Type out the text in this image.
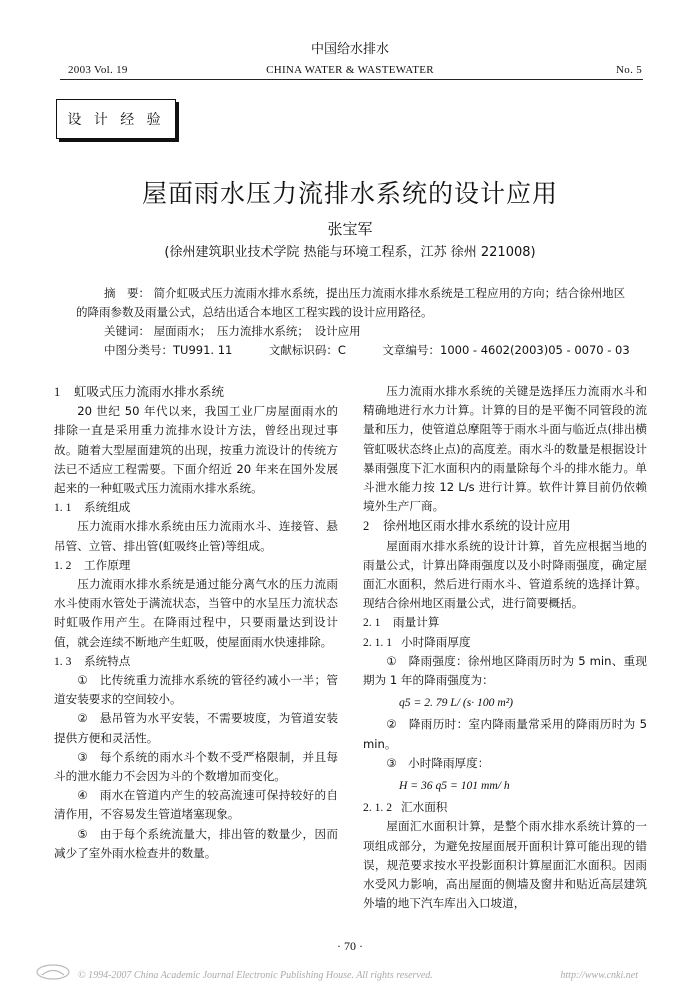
中国给水排水
2003 Vol. 19	CHINA WATER & WASTEWATER	No. 5
设 计 经 验
屋面雨水压力流排水系统的设计应用
张宝军
(徐州建筑职业技术学院 热能与环境工程系，江苏 徐州 221008)
摘　要： 简介虹吸式压力流雨水排水系统，提出压力流雨水排水系统是工程应用的方向；结合徐州地区的降雨参数及雨量公式，总结出适合本地区工程实践的设计应用路径。
关键词： 屋面雨水；　压力流排水系统；　设计应用
中图分类号：TU991. 11	文献标识码：C	文章编号：1000 - 4602(2003)05 - 0070 - 03

1 虹吸式压力流雨水排水系统

20 世纪 50 年代以来，我国工业厂房屋面雨水的排除一直是采用重力流排水设计方法，曾经出现过事故。随着大型屋面建筑的出现，按重力流设计的传统方法已不适应工程需要。下面介绍近 20 年来在国外发展起来的一种虹吸式压力流雨水排水系统。

1. 1 系统组成

压力流雨水排水系统由压力流雨水斗、连接管、悬吊管、立管、排出管(虹吸终止管)等组成。

1. 2 工作原理

压力流雨水排水系统是通过能分离气水的压力流雨水斗使雨水管处于满流状态，当管中的水呈压力流状态时虹吸作用产生。在降雨过程中，只要雨量达到设计值，就会连续不断地产生虹吸，使屋面雨水快速排除。

1. 3 系统特点

①　比传统重力流排水系统的管径约减小一半；管道安装要求的空间较小。

②　悬吊管为水平安装，不需要坡度，为管道安装提供方便和灵活性。

③　每个系统的雨水斗个数不受严格限制，并且每斗的泄水能力不会因为斗的个数增加而变化。

④　雨水在管道内产生的较高流速可保持较好的自清作用，不容易发生管道堵塞现象。

⑤　由于每个系统流量大，排出管的数量少，因而减少了室外雨水检查井的数量。

压力流雨水排水系统的关键是选择压力流雨水斗和精确地进行水力计算。计算的目的是平衡不同管段的流量和压力，使管道总摩阻等于雨水斗面与临近点(排出横管虹吸状态终止点)的高度差。雨水斗的数量是根据设计暴雨强度下汇水面积内的雨量除每个斗的排水能力。单斗泄水能力按 12 L/s 进行计算。软件计算目前仍依赖境外生产厂商。

2 徐州地区雨水排水系统的设计应用

屋面雨水排水系统的设计计算，首先应根据当地的雨量公式，计算出降雨强度以及小时降雨强度，确定屋面汇水面积，然后进行雨水斗、管道系统的选择计算。现结合徐州地区雨量公式，进行简要概括。

2. 1 雨量计算

2. 1. 1 小时降雨厚度

①　降雨强度：徐州地区降雨历时为 5 min、重现期为 1 年的降雨强度为：

q5 = 2. 79 L/ (s· 100 m²)

②　降雨历时：室内降雨量常采用的降雨历时为 5 min。

③　小时降雨厚度：

H = 36 q5 = 101 mm/ h

2. 1. 2 汇水面积

屋面汇水面积计算，是整个雨水排水系统计算的一项组成部分，为避免按屋面展开面积计算可能出现的错误，规范要求按水平投影面积计算屋面汇水面积。因雨水受风力影响，高出屋面的侧墙及窗井和贴近高层建筑外墙的地下汽车库出入口坡道，

· 70 ·
© 1994-2007 China Academic Journal Electronic Publishing House. All rights reserved.	http://www.cnki.net
